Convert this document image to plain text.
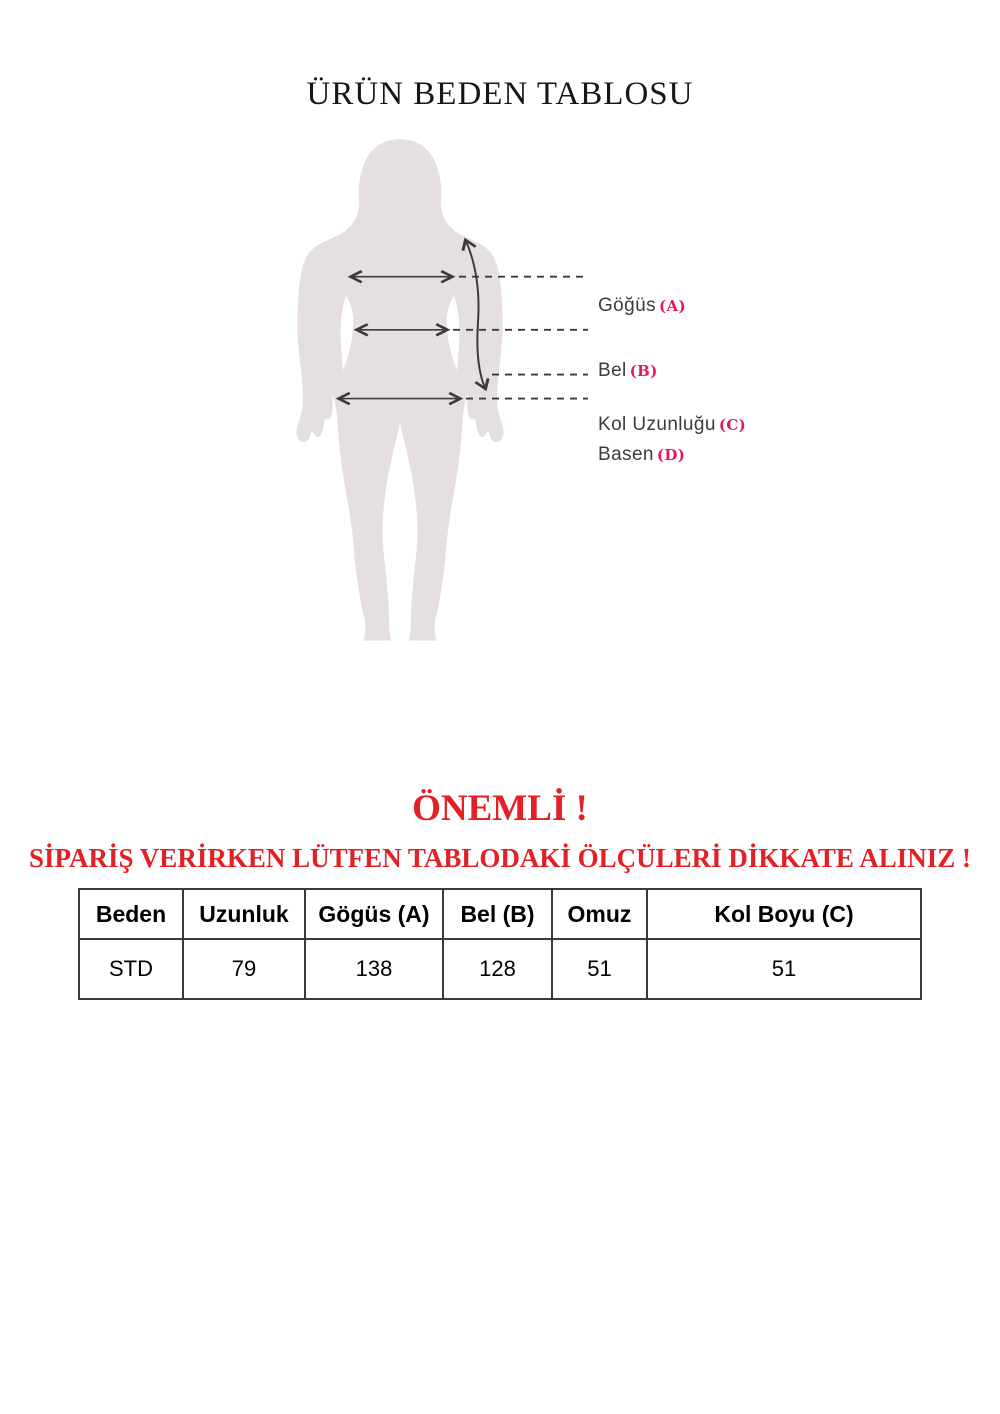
ÜRÜN BEDEN TABLOSU
Göğüs (A)
Bel (B)
Kol Uzunluğu (C)
Basen (D)
ÖNEMLİ !
SİPARİŞ VERİRKEN LÜTFEN TABLODAKİ ÖLÇÜLERİ DİKKATE ALINIZ !
Beden	Uzunluk	Gögüs (A)	Bel (B)	Omuz	Kol Boyu (C)
STD	79	138	128	51	51
